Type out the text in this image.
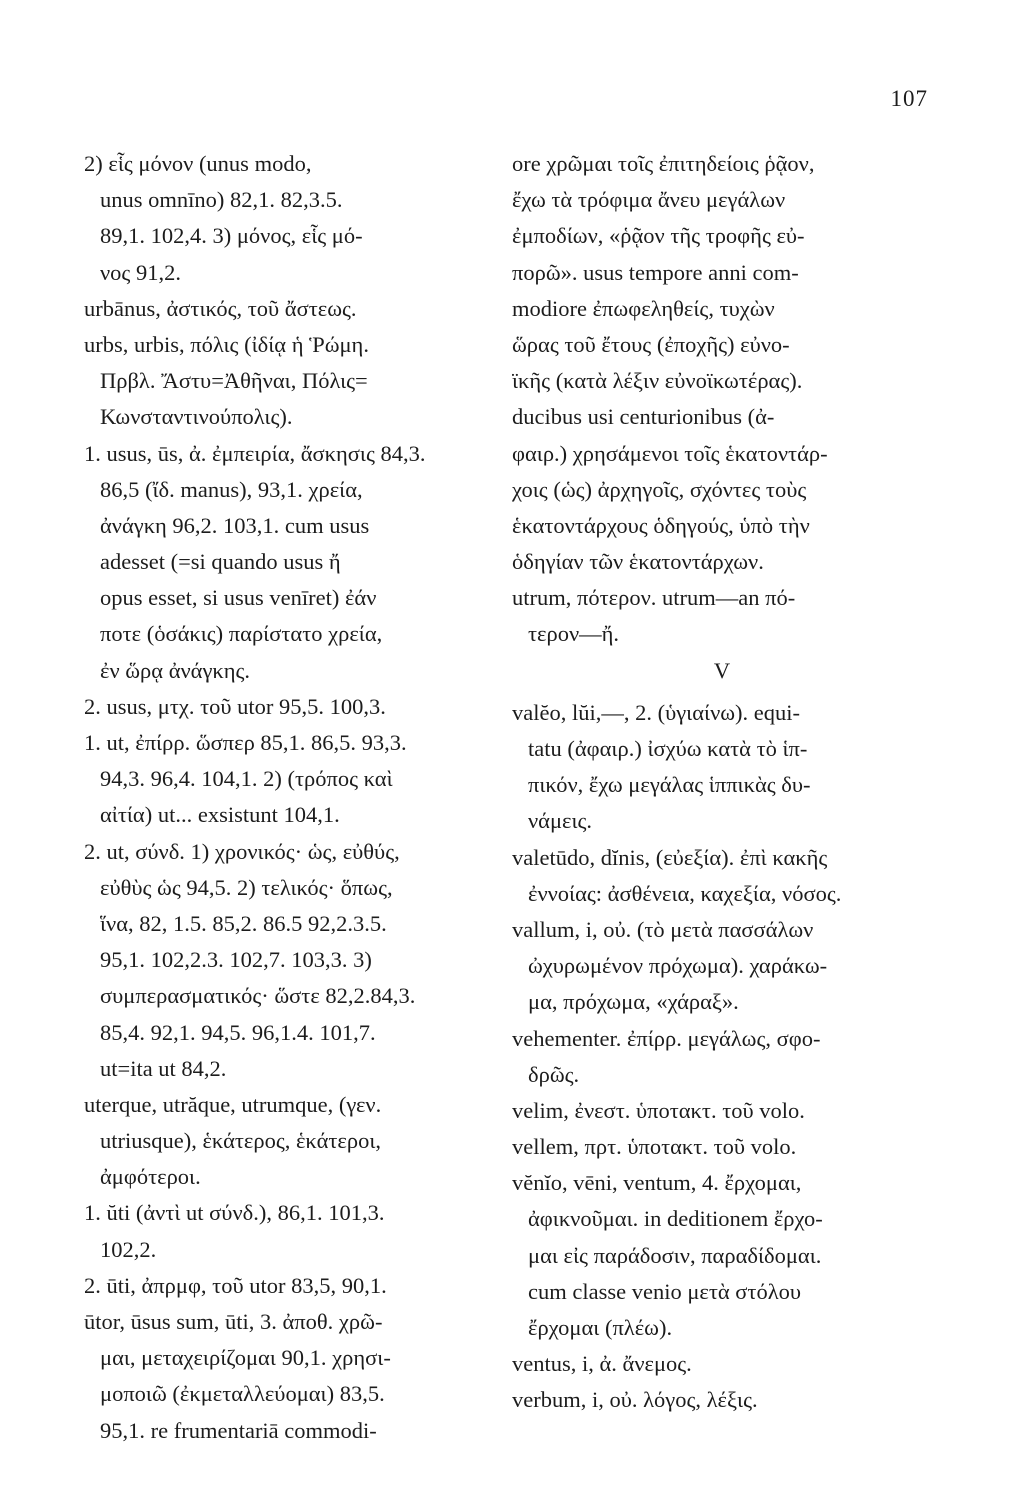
107
2) εἷς μόνον (unus modo,
unus omnīno) 82,1. 82,3.5.
89,1. 102,4. 3) μόνος, εἷς μό-
νος 91,2.
urbānus, ἀστικός, τοῦ ἄστεως.
urbs, urbis, πόλις (ἰδίᾳ ἡ Ῥώμη.
Πρβλ. Ἄστυ=Ἀθῆναι, Πόλις=
Κωνσταντινούπολις).
1. usus, ūs, ἀ. ἐμπειρία, ἄσκησις 84,3.
86,5 (ἴδ. manus), 93,1. χρεία,
ἀνάγκη 96,2. 103,1. cum usus
adesset (=si quando usus ἤ
opus esset, si usus venīret) ἐάν
ποτε (ὁσάκις) παρίστατο χρεία,
ἐν ὥρᾳ ἀνάγκης.
2. usus, μτχ. τοῦ utor 95,5. 100,3.
1. ut, ἐπίρρ. ὥσπερ 85,1. 86,5. 93,3.
94,3. 96,4. 104,1. 2) (τρόπος καὶ
αἰτία) ut... exsistunt 104,1.
2. ut, σύνδ. 1) χρονικός· ὡς, εὐθύς,
εὐθὺς ὡς 94,5. 2) τελικός· ὅπως,
ἵνα, 82, 1.5. 85,2. 86.5 92,2.3.5.
95,1. 102,2.3. 102,7. 103,3. 3)
συμπερασματικός· ὥστε 82,2.84,3.
85,4. 92,1. 94,5. 96,1.4. 101,7.
ut=ita ut 84,2.
uterque, utrăque, utrumque, (γεν.
utriusque), ἑκάτερος, ἑκάτεροι,
ἀμφότεροι.
1. ŭti (ἀντὶ ut σύνδ.), 86,1. 101,3.
102,2.
2. ūti, ἀπρμφ, τοῦ utor 83,5, 90,1.
ūtor, ūsus sum, ūti, 3. ἀποθ. χρῶ-
μαι, μεταχειρίζομαι 90,1. χρησι-
μοποιῶ (ἐκμεταλλεύομαι) 83,5.
95,1. re frumentariā commodi-
ore χρῶμαι τοῖς ἐπιτηδείοις ῥᾷον,
ἔχω τὰ τρόφιμα ἄνευ μεγάλων
ἐμποδίων, «ῥᾷον τῆς τροφῆς εὐ-
πορῶ». usus tempore anni com-
modiore ἐπωφεληθείς, τυχὼν
ὥρας τοῦ ἔτους (ἐποχῆς) εὐνο-
ϊκῆς (κατὰ λέξιν εὐνοϊκωτέρας).
ducibus usi centurionibus (ἀ-
φαιρ.) χρησάμενοι τοῖς ἑκατοντάρ-
χοις (ὡς) ἀρχηγοῖς, σχόντες τοὺς
ἑκατοντάρχους ὁδηγούς, ὑπὸ τὴν
ὁδηγίαν τῶν ἑκατοντάρχων.
utrum, πότερον. utrum—an πό-
τερον—ἤ.
V
valĕo, lŭi,—, 2. (ὑγιαίνω). equi-
tatu (ἀφαιρ.) ἰσχύω κατὰ τὸ ἱπ-
πικόν, ἔχω μεγάλας ἱππικὰς δυ-
νάμεις.
valetūdo, dĭnis, (εὐεξία). ἐπὶ κακῆς
ἐννοίας: ἀσθένεια, καχεξία, νόσος.
vallum, i, οὐ. (τὸ μετὰ πασσάλων
ὠχυρωμένον πρόχωμα). χαράκω-
μα, πρόχωμα, «χάραξ».
vehementer. ἐπίρρ. μεγάλως, σφο-
δρῶς.
velim, ἐνεστ. ὑποτακτ. τοῦ volo.
vellem, πρτ. ὑποτακτ. τοῦ volo.
vĕnĭo, vēni, ventum, 4. ἔρχομαι,
ἀφικνοῦμαι. in deditionem ἔρχο-
μαι εἰς παράδοσιν, παραδίδομαι.
cum classe venio μετὰ στόλου
ἔρχομαι (πλέω).
ventus, i, ἀ. ἄνεμος.
verbum, i, οὐ. λόγος, λέξις.
